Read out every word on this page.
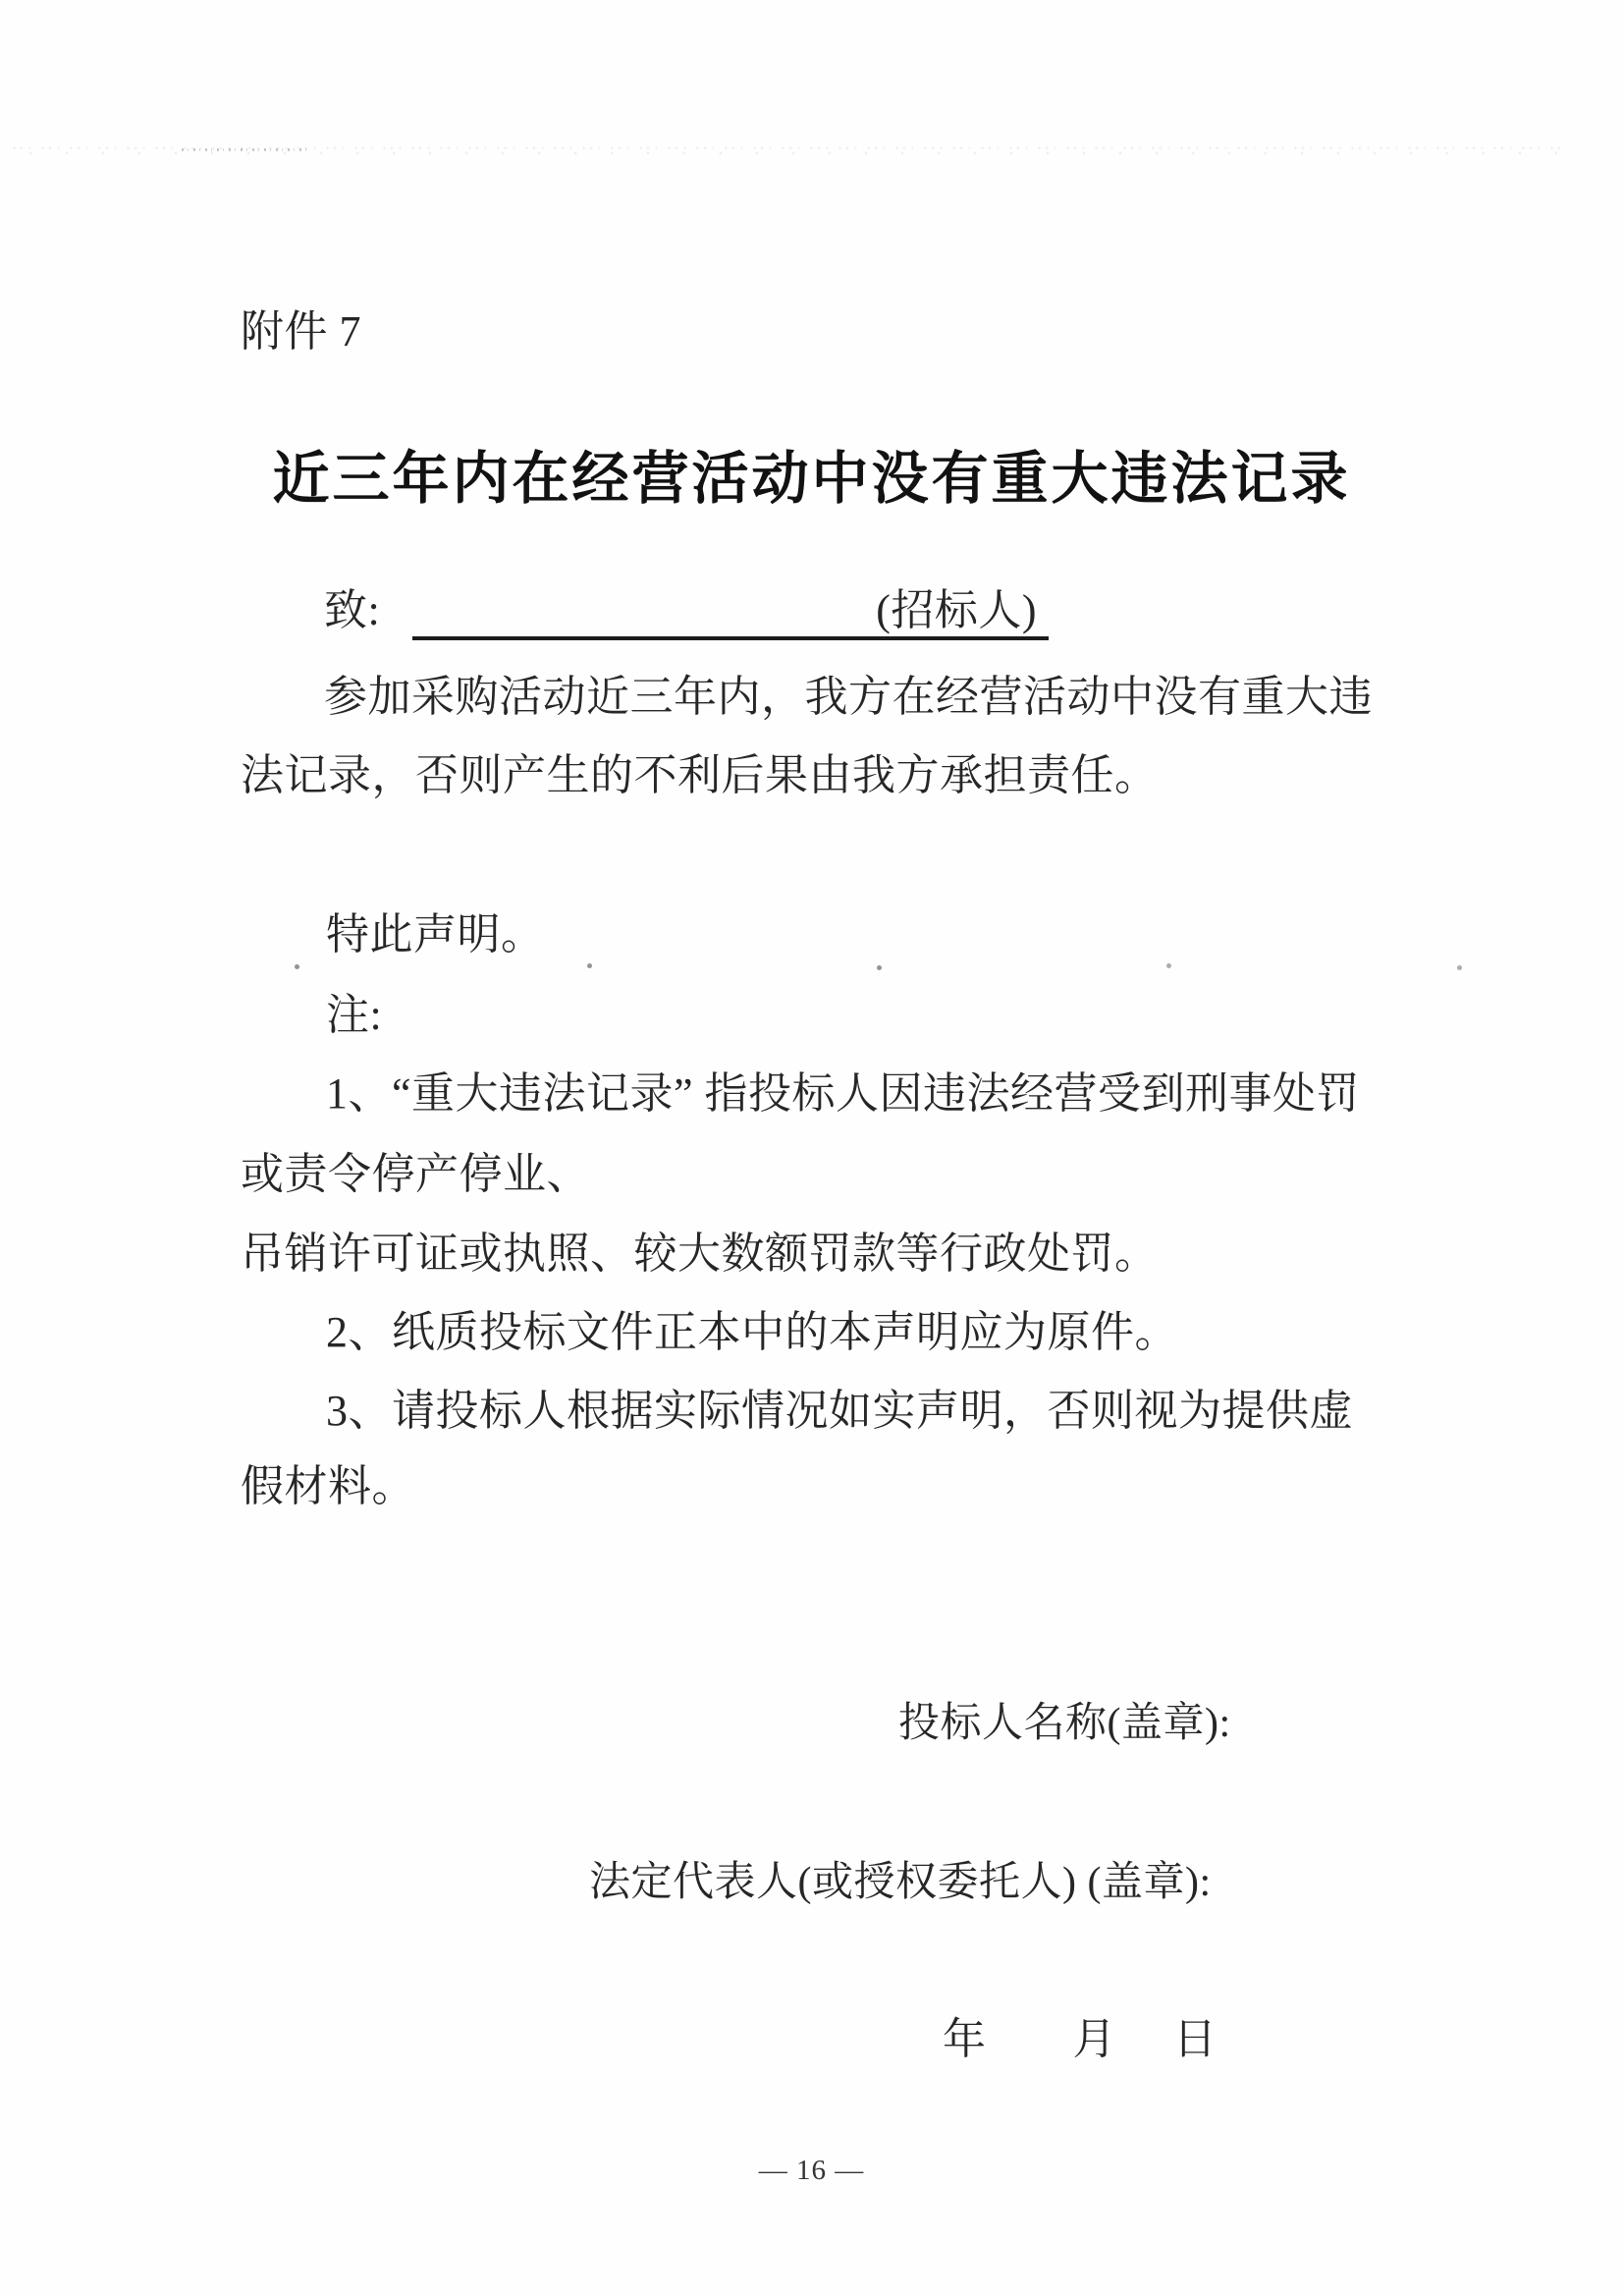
附件 7
近三年内在经营活动中没有重大违法记录
致:	(招标人)
参加采购活动近三年内，我方在经营活动中没有重大违
法记录，否则产生的不利后果由我方承担责任。
特此声明。
注:
1、“重大违法记录” 指投标人因违法经营受到刑事处罚
或责令停产停业、
吊销许可证或执照、较大数额罚款等行政处罚。
2、纸质投标文件正本中的本声明应为原件。
3、请投标人根据实际情况如实声明，否则视为提供虚
假材料。
投标人名称(盖章):
法定代表人(或授权委托人) (盖章):
年 月 日
— 16 —
